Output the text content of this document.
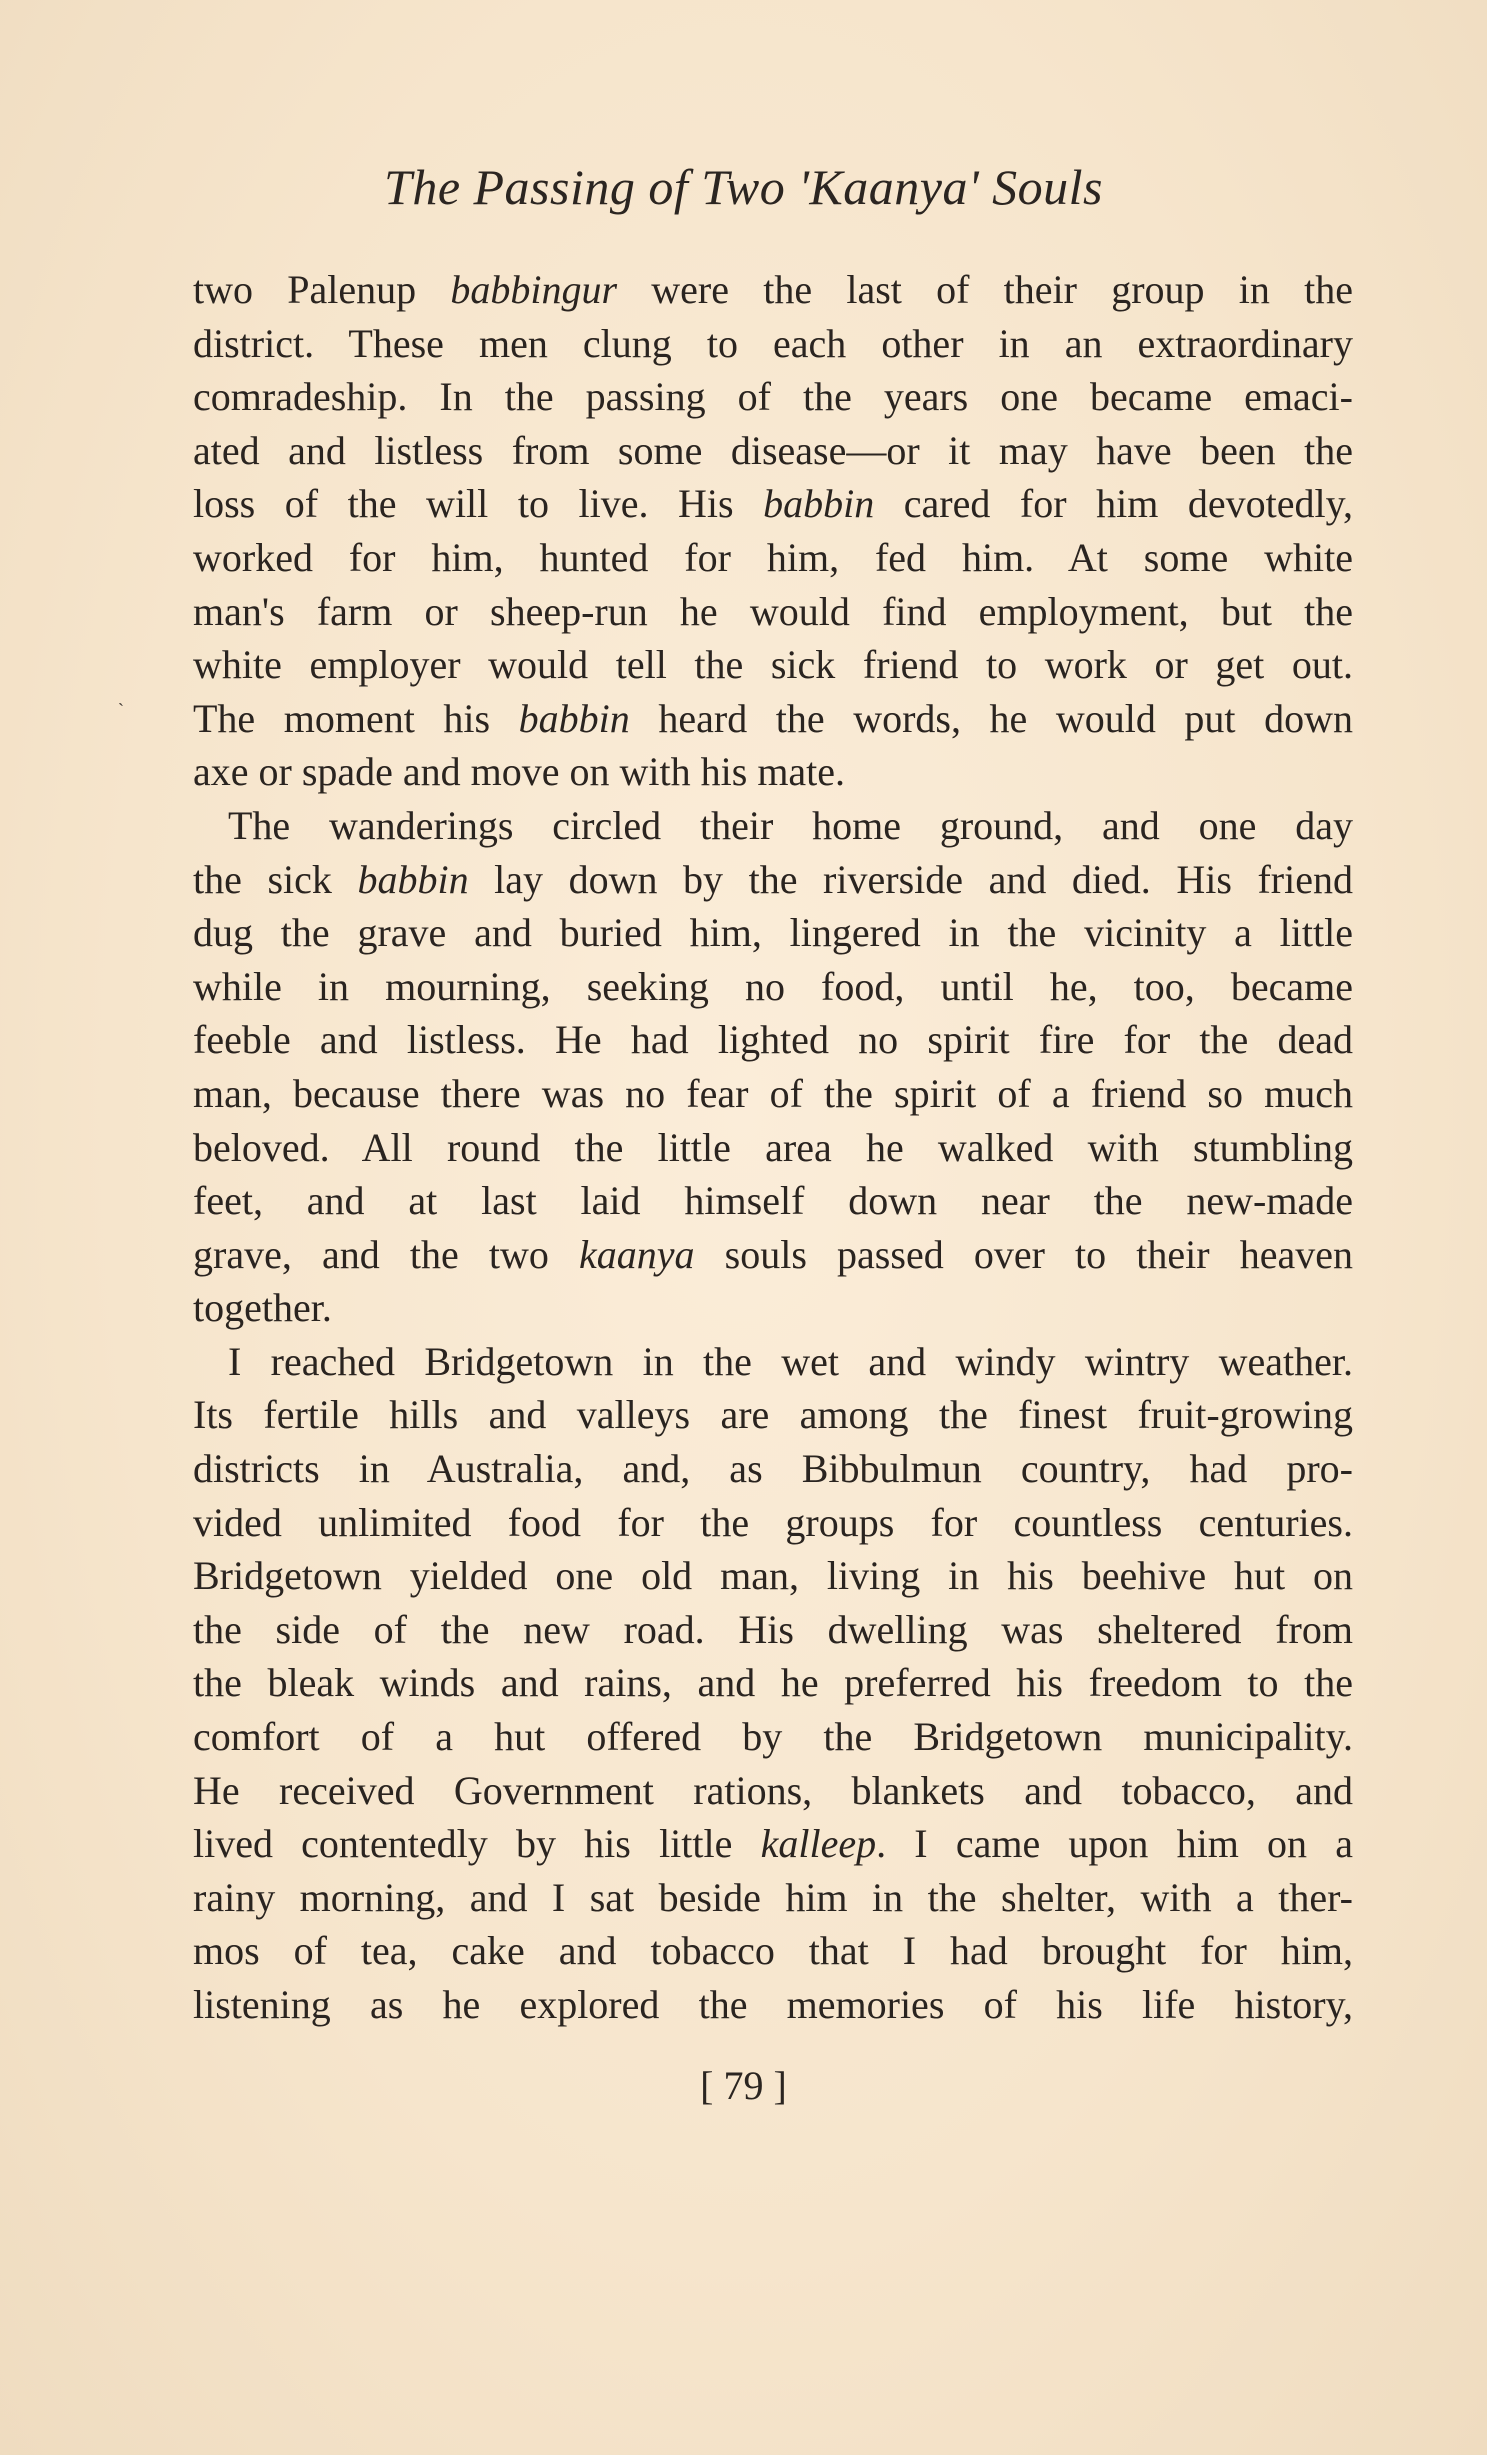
The Passing of Two 'Kaanya' Souls
ˎ
two Palenup babbingur were the last of their group in the
district. These men clung to each other in an extraordinary
comradeship. In the passing of the years one became emaci-
ated and listless from some disease—or it may have been the
loss of the will to live. His babbin cared for him devotedly,
worked for him, hunted for him, fed him. At some white
man's farm or sheep-run he would find employment, but the
white employer would tell the sick friend to work or get out.
The moment his babbin heard the words, he would put down
axe or spade and move on with his mate.
The wanderings circled their home ground, and one day
the sick babbin lay down by the riverside and died. His friend
dug the grave and buried him, lingered in the vicinity a little
while in mourning, seeking no food, until he, too, became
feeble and listless. He had lighted no spirit fire for the dead
man, because there was no fear of the spirit of a friend so much
beloved. All round the little area he walked with stumbling
feet, and at last laid himself down near the new-made
grave, and the two kaanya souls passed over to their heaven
together.
I reached Bridgetown in the wet and windy wintry weather.
Its fertile hills and valleys are among the finest fruit-growing
districts in Australia, and, as Bibbulmun country, had pro-
vided unlimited food for the groups for countless centuries.
Bridgetown yielded one old man, living in his beehive hut on
the side of the new road. His dwelling was sheltered from
the bleak winds and rains, and he preferred his freedom to the
comfort of a hut offered by the Bridgetown municipality.
He received Government rations, blankets and tobacco, and
lived contentedly by his little kalleep. I came upon him on a
rainy morning, and I sat beside him in the shelter, with a ther-
mos of tea, cake and tobacco that I had brought for him,
listening as he explored the memories of his life history,
[ 79 ]
